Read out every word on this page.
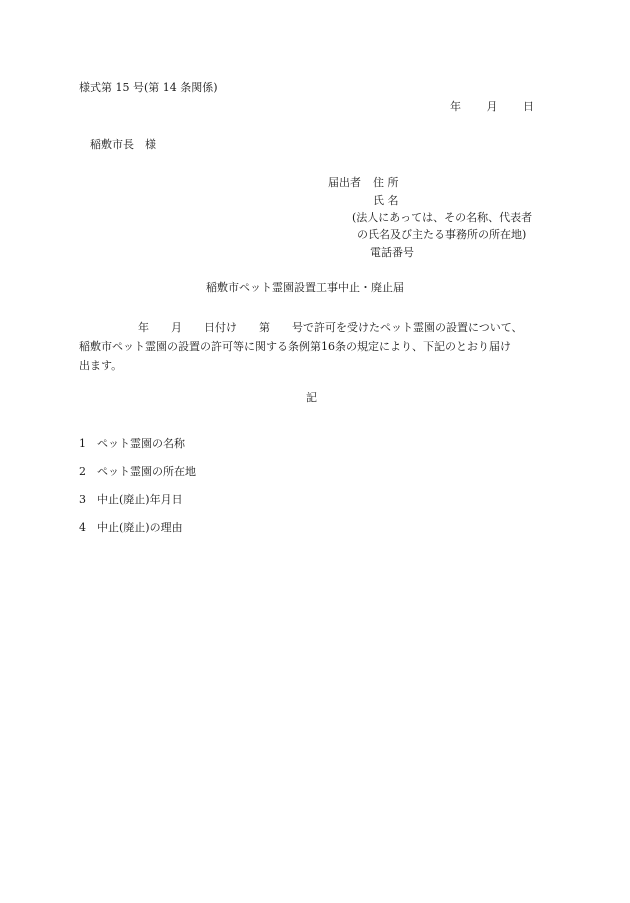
様式第 15 号(第 14 条関係)
年 月 日
稲敷市長　様
届出者 住 所
氏 名
(法人にあっては、その名称、代表者
の氏名及び主たる事務所の所在地)
電話番号
稲敷市ペット霊園設置工事中止・廃止届
年　　月　　日付け　　第　　号で許可を受けたペット霊園の設置について、
稲敷市ペット霊園の設置の許可等に関する条例第16条の規定により、下記のとおり届け
出ます。
記
1 ペット霊園の名称
2 ペット霊園の所在地
3 中止(廃止)年月日
4 中止(廃止)の理由
